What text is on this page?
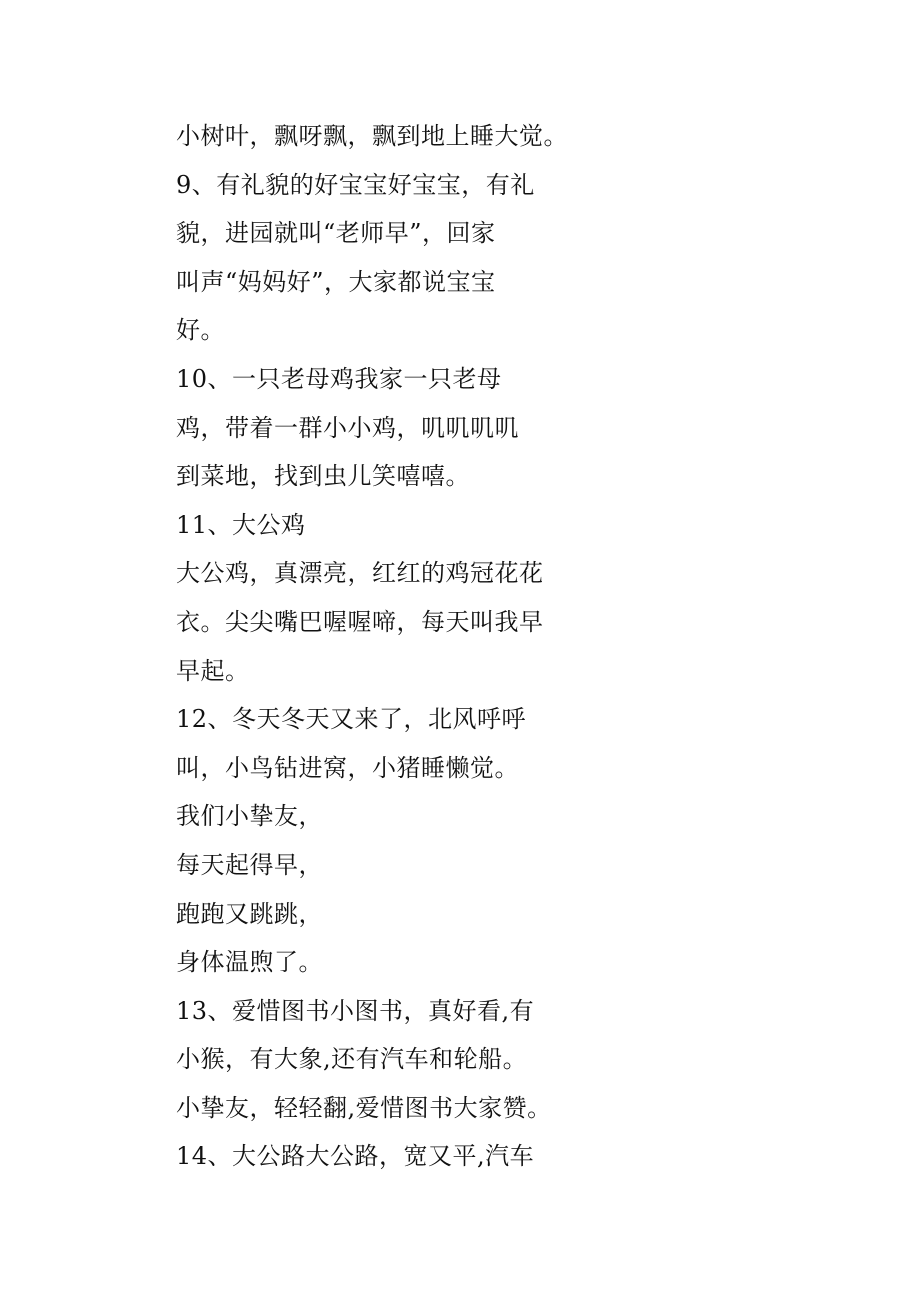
小树叶，飘呀飘，飘到地上睡大觉。
9、有礼貌的好宝宝好宝宝，有礼
貌，进园就叫“老师早”，回家
叫声“妈妈好”，大家都说宝宝
好。
10、一只老母鸡我家一只老母
鸡，带着一群小小鸡，叽叽叽叽
到菜地，找到虫儿笑嘻嘻。
11、大公鸡
大公鸡，真漂亮，红红的鸡冠花花
衣。尖尖嘴巴喔喔啼，每天叫我早
早起。
12、冬天冬天又来了，北风呼呼
叫，小鸟钻进窝，小猪睡懒觉。
我们小挚友，
每天起得早，
跑跑又跳跳，
身体温煦了。
13、爱惜图书小图书，真好看,有
小猴，有大象,还有汽车和轮船。
小挚友，轻轻翻,爱惜图书大家赞。
14、大公路大公路，宽又平,汽车
